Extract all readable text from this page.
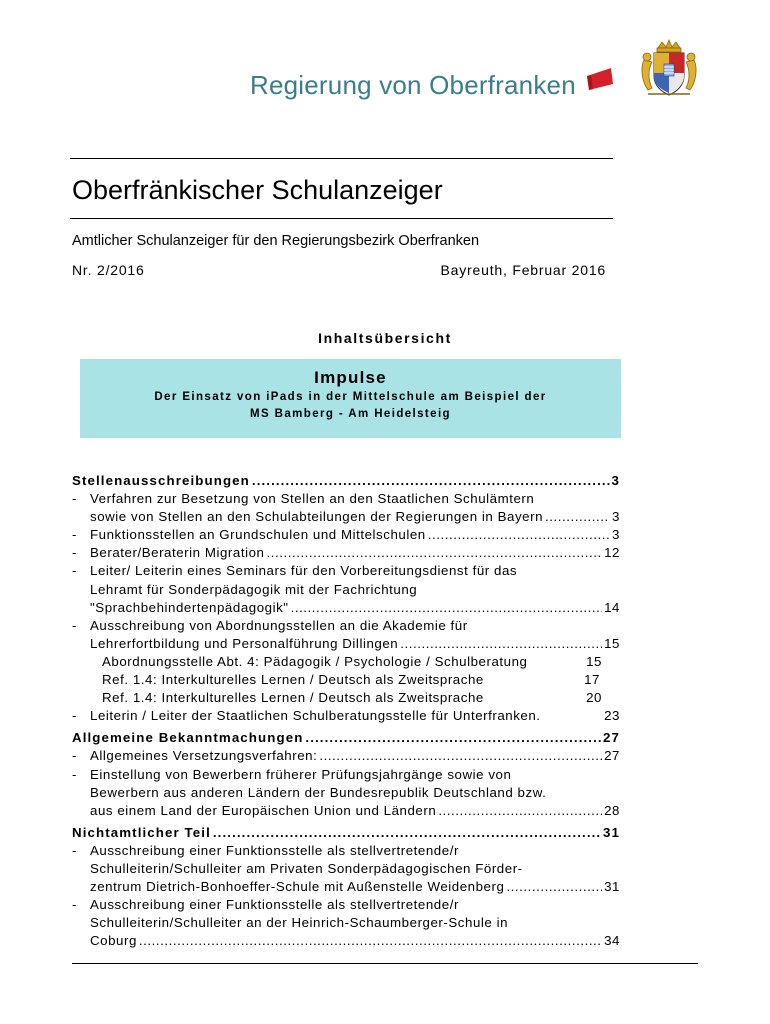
Regierung von Oberfranken
Oberfränkischer Schulanzeiger
Amtlicher Schulanzeiger für den Regierungsbezirk Oberfranken
Nr. 2/2016	Bayreuth, Februar 2016
Inhaltsübersicht
Impulse
Der Einsatz von iPads in der Mittelschule am Beispiel der
MS Bamberg - Am Heidelsteig
Stellenausschreibungen .....	3
- Verfahren zur Besetzung von Stellen an den Staatlichen Schulämtern
sowie von Stellen an den Schulabteilungen der Regierungen in Bayern .....	3
- Funktionsstellen an Grundschulen und Mittelschulen .....	3
- Berater/Beraterin Migration .....	12
- Leiter/ Leiterin eines Seminars für den Vorbereitungsdienst für das
Lehramt für Sonderpädagogik mit der Fachrichtung
"Sprachbehindertenpädagogik" .....	14
- Ausschreibung von Abordnungsstellen an die Akademie für
Lehrerfortbildung und Personalführung Dillingen .....	15
Abordnungsstelle Abt. 4: Pädagogik / Psychologie / Schulberatung	15
Ref. 1.4: Interkulturelles Lernen / Deutsch als Zweitsprache	17
Ref. 1.4: Interkulturelles Lernen / Deutsch als Zweitsprache	20
- Leiterin / Leiter der Staatlichen Schulberatungsstelle für Unterfranken.	23
Allgemeine Bekanntmachungen .....	27
- Allgemeines Versetzungsverfahren: .....	27
- Einstellung von Bewerbern früherer Prüfungsjahrgänge sowie von
Bewerbern aus anderen Ländern der Bundesrepublik Deutschland bzw.
aus einem Land der Europäischen Union und Ländern .....	28
Nichtamtlicher Teil .....	31
- Ausschreibung einer Funktionsstelle als stellvertretende/r
Schulleiterin/Schulleiter am Privaten Sonderpädagogischen Förder-
zentrum Dietrich-Bonhoeffer-Schule mit Außenstelle Weidenberg .....	31
- Ausschreibung einer Funktionsstelle als stellvertretende/r
Schulleiterin/Schulleiter an der Heinrich-Schaumberger-Schule in
Coburg .....	34
